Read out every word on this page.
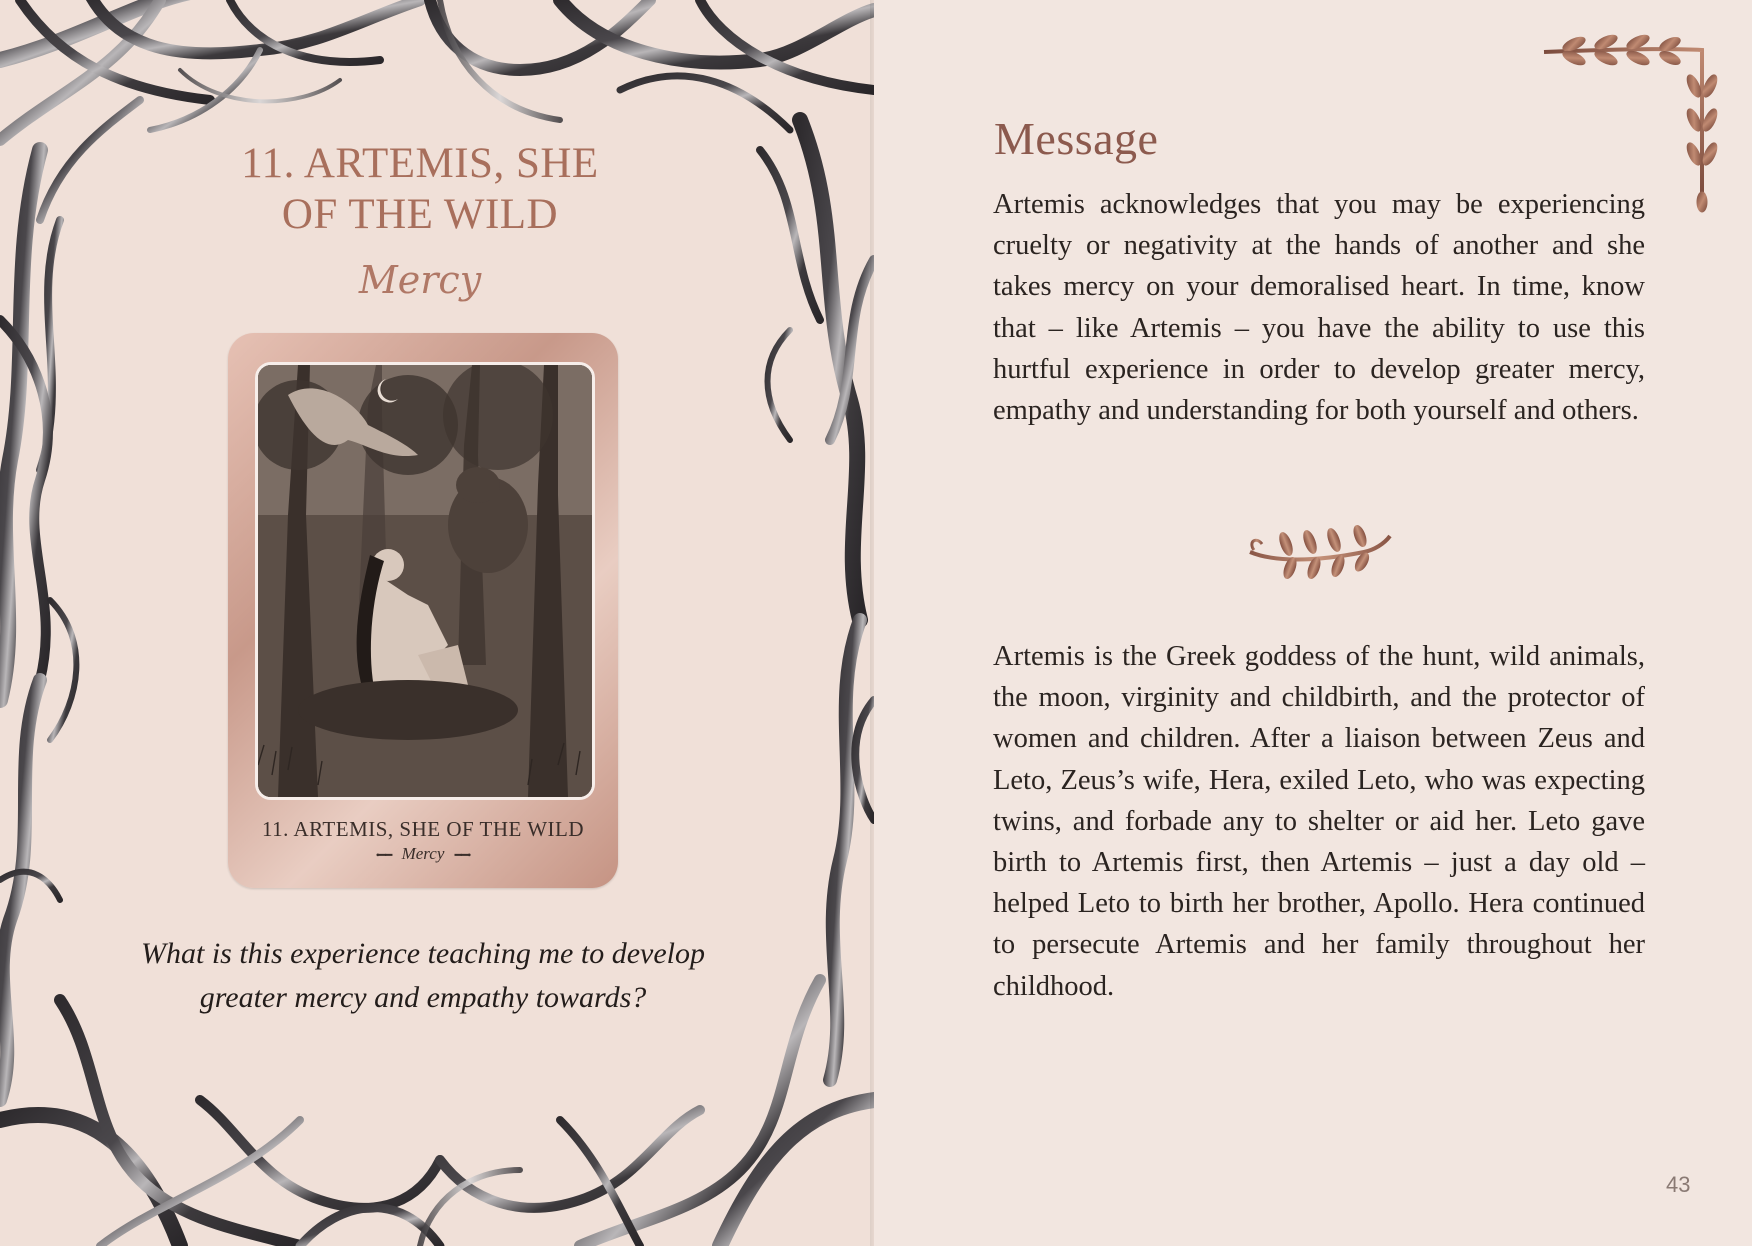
11. ARTEMIS, SHE
OF THE WILD
Mercy
11. ARTEMIS, SHE OF THE WILD
•━━ Mercy ━━•

What is this experience teaching me to develop greater mercy and empathy towards?

Message

Artemis acknowledges that you may be experiencing cruelty or negativity at the hands of another and she takes mercy on your demoralised heart. In time, know that – like Artemis – you have the ability to use this hurtful experience in order to develop greater mercy, empathy and understanding for both yourself and others.

Artemis is the Greek goddess of the hunt, wild animals, the moon, virginity and childbirth, and the protector of women and children. After a liaison between Zeus and Leto, Zeus’s wife, Hera, exiled Leto, who was expecting twins, and forbade any to shelter or aid her. Leto gave birth to Artemis first, then Artemis – just a day old – helped Leto to birth her brother, Apollo. Hera continued to persecute Artemis and her family throughout her childhood.

43
